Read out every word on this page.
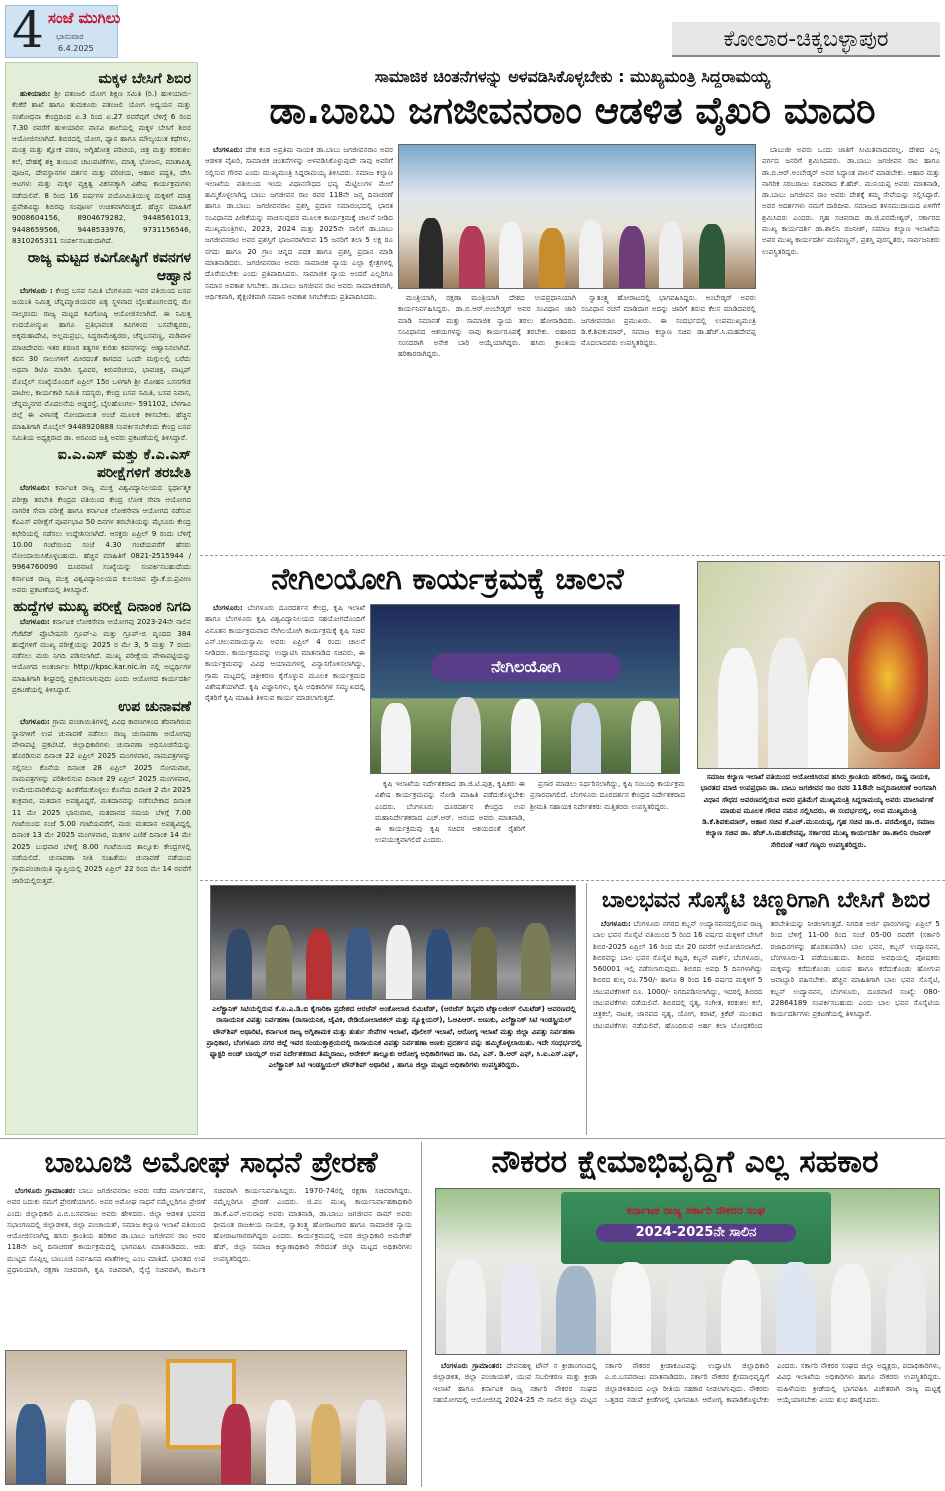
4 ಸಂಜೆ ಮುಗಿಲು
ಭಾನುವಾರ
6.4.2025	ಕೋಲಾರ-ಚಿಕ್ಕಬಳ್ಳಾಪುರ
ಮಕ್ಕಳ ಬೇಸಿಗೆ ಶಿಬಿರ

ಹುಳಿಯಾರು: ಶ್ರೀ ಪತಂಜಲಿ ಯೋಗ ಶಿಕ್ಷಣ ಸಮಿತಿ (ರಿ.) ಹುಳಿಯಾರು-ಕೆಂಕೆರೆ ಶಾಖೆ ಹಾಗೂ ತುಮಕೂರು ಪತಂಜಲಿ ಯೋಗ ಅಧ್ಯಯನ ಮತ್ತು ಸಂಶೋಧನಾ ಕೇಂದ್ರದಿಂದ ಏ.3 ರಿಂದ ಏ.27 ರವರೆವುಗೆ ಬೆಳಿಗ್ಗೆ 6 ರಿಂದ 7.30 ರವರೆಗೆ ಹುಳಿಯಾರಿನ ವಾಸವಿ ಶಾಲೆಯಲ್ಲಿ ಮಕ್ಕಳ ಬೇಸಿಗೆ ಶಿಬಿರ ಆಯೋಜಿಸಲಾಗಿದೆ. ಶಿಬಿರದಲ್ಲಿ ಯೋಗ, ಧ್ಯಾನ ಹಾಗೂ ಮೌಲ್ಯಯುತ ಕಥೆಗಳು, ಮಂತ್ರ ಮತ್ತು ಶ್ಲೋಕ ಪಠಣ, ಅಗ್ನಿಹೋತ್ರ ಪರಿಚಯ, ಚಿತ್ರ ಮತ್ತು ಕರಕುಶಲ ಕಲೆ, ದೇಹಕ್ಕೆ ಶಕ್ತಿ ತುಂಬುವ ಚಟುವಟಿಕೆಗಳು, ಮಾತೃ ಭೋಜನ, ಮಾತಾಪಿತೃ ಪೂಜನ, ದೇವಸ್ಥಾನಗಳ ದರ್ಶನ ಮತ್ತು ಪರಿಚಯ, ಆಹಾರ ಪದ್ಧತಿ, ದೇಸಿ ಆಟಗಳು ಮತ್ತು ಮಕ್ಕಳ ವ್ಯಕ್ತಿತ್ವ ವಿಕಸನಕ್ಕಾಗಿ ವಿಶೇಷ ಕಾರ್ಯಕ್ರಮಗಳು ನಡೆಯಲಿವೆ. 8 ರಿಂದ 16 ವರ್ಷಗಳ ವಯೋಮಿತಿಯುಳ್ಳ ಮಕ್ಕಳಿಗೆ ಮಾತ್ರ ಪ್ರವೇಶವಿದ್ದು ಶಿಬಿರವು ಸಂಪೂರ್ಣ ಉಚಿತವಾಗಿರುತ್ತದೆ. ಹೆಚ್ಚಿನ ಮಾಹಿತಿಗೆ 9008604156, 8904679282, 9448561013, 9448659566, 9448533976, 9731156546, 8310265311 ಸಂಪರ್ಕಿಸಬಹುದಾಗಿದೆ.

ರಾಜ್ಯ ಮಟ್ಟದ ಕವಿಗೋಷ್ಠಿಗೆ ಕವನಗಳ ಆಹ್ವಾನ

ಬೆಂಗಳೂರು : ಕೇಂದ್ರ ಬಸವ ಸಮಿತಿ ಬೆಂಗಳೂರು ಇವರ ವತಿಯಿಂದ ಬಸವ ಜಯಂತಿ ನಿಮಿತ್ತ ಚೆನ್ನಮ್ಮಾಜಿಯವರ ಐಕ್ಯ ಸ್ಥಳವಾದ ಬೈಲಹೊಂಗಲದಲ್ಲಿ ಮೇ ನಾಲ್ಕರಂದು ರಾಜ್ಯ ಮಟ್ಟದ ಕವಿಗೋಷ್ಠಿ ಆಯೋಜಿಸಲಾಗಿದೆ. ಈ ನಿಮಿತ್ತ ಉದಯೋನ್ಮುಖ ಹಾಗೂ ಪ್ರತಿಭಾವಂತ ಕವಿಗಳಿಂದ ಬಸವೇಶ್ವರರು, ಅಕ್ಕಮಹಾದೇವಿ, ಅಲ್ಲಮಪ್ರಭು, ಸಿದ್ಧರಾಮೇಶ್ವರರು, ಚೆನ್ನಬಸವಣ್ಣ, ಮಡಿವಾಳ ಮಾಚಿದೇವರು ಇತರ ಶರಣರ ತತ್ವಗಳ ಕುರಿತು ಕವನಗಳನ್ನು ಆಹ್ವಾನಿಸಲಾಗಿದೆ. ಕವನ 30 ಸಾಲುಗಳಿಗೆ ಮೀರದಂತೆ ಕಾಗದದ ಒಂದೇ ಮಗ್ಗುಲಲ್ಲಿ ಬರೆದು ಅಥವಾ ಡಿಟಿಪಿ ಮಾಡಿಸಿ ಸ್ವವಿವರ, ಕಿರುಪರಿಚಯ, ಭಾವಚಿತ್ರ, ವಾಟ್ಸಪ್ ಮೊಬೈಲ್ ಸಂಖ್ಯೆಯೊಂದಿಗೆ ಏಪ್ರಿಲ್ 15ರ ಒಳಗಾಗಿ ಶ್ರೀ ಮೋಹನ ಬಸನಗೌಡ ಪಾಟೀಲ, ಕಾರ್ಯಕಾರಿ ಸಮಿತಿ ಸದಸ್ಯರು, ಕೇಂದ್ರ ಬಸವ ಸಮಿತಿ, ಬಸವ ನಿವಾಸ, ಚೆನ್ನಮ್ಮನಗರ ಮೊದಲನೆಯ ಅಡ್ಡರಸ್ತೆ, ಬೈಲಹೊಂಗಲ- 591102, ಬೆಳಗಾವಿ ಜಿಲ್ಲೆ ಈ ವಿಳಾಸಕ್ಕೆ ನೋಂದಾಯಿತ ಅಂಚೆ ಮೂಲಕ ಕಳಿಸಬೇಕು. ಹೆಚ್ಚಿನ ಮಾಹಿತಿಗಾಗಿ ಮೊಬೈಲ್ 9448920888 ಸಂಪರ್ಕಿಸಬೇಕೆಂದು ಕೇಂದ್ರ ಬಸವ ಸಮಿತಿಯ ಅಧ್ಯಕ್ಷರಾದ ಡಾ. ಅರವಿಂದ ಜತ್ತಿ ಅವರು ಪ್ರಕಟಣೆಯಲ್ಲಿ ತಿಳಿಸಿದ್ದಾರೆ.

ಐ.ಎ.ಎಸ್ ಮತ್ತು ಕೆ.ಎ.ಎಸ್ ಪರೀಕ್ಷೆಗಳಿಗೆ ತರಬೇತಿ

ಬೆಂಗಳೂರು: ಕರ್ನಾಟಕ ರಾಜ್ಯ ಮುಕ್ತ ವಿಶ್ವವಿದ್ಯಾನಿಲಯದ ಸ್ಪರ್ಧಾತ್ಮಕ ಪರೀಕ್ಷಾ ತರಬೇತಿ ಕೇಂದ್ರದ ವತಿಯಿಂದ ಕೇಂದ್ರ ಲೋಕ ಸೇವಾ ಆಯೋಗದ ನಾಗರಿಕ ಸೇವಾ ಪರೀಕ್ಷೆ ಹಾಗೂ ಕರ್ನಾಟಕ ಲೋಕಸೇವಾ ಆಯೋಗದ ನಡೆಸುವ ಕೆಎಎಸ್ ಪರೀಕ್ಷೆಗೆ ಪೂರ್ವಭಾವಿ 50 ದಿನಗಳ ತರಬೇತಿಯನ್ನು ಮೈಸೂರು ಕೇಂದ್ರ ಕಛೇರಿಯಲ್ಲಿ ನಡೆಸಲು ಉದ್ದೇಶಿಸಲಾಗಿದೆ. ಆಸಕ್ತರು ಏಪ್ರಿಲ್ 9 ರಂದು ಬೆಳಿಗ್ಗೆ 10.00 ಗಂಟೆಯಿಂದ ಸಂಜೆ 4.30 ಗಂಟೆಯವರೆಗೆ ಹೆಸರು ನೋಂದಾಯಿಸಿಕೊಳ್ಳಬಹುದು. ಹೆಚ್ಚಿನ ಮಾಹಿತಿಗೆ 0821-2515944 / 9964760090 ದೂರವಾಣಿ ಸಂಖ್ಯೆಯನ್ನು ಸಂಪರ್ಕಿಸಬಹುದೆಂದು ಕರ್ನಾಟಕ ರಾಜ್ಯ ಮುಕ್ತ ವಿಶ್ವವಿದ್ಯಾನಿಲಯದ ಕುಲಸಚಿವ ಪ್ರೊ.ಕೆ.ಬಿ.ಪ್ರವೀಣ ಅವರು ಪ್ರಕಟಣೆಯಲ್ಲಿ ತಿಳಿಸಿದ್ದಾರೆ.

ಹುದ್ದೆಗಳ ಮುಖ್ಯ ಪರೀಕ್ಷೆ ದಿನಾಂಕ ನಿಗದಿ

ಬೆಂಗಳೂರು: ಕರ್ನಾಟಕ ಲೋಕಸೇವಾ ಆಯೋಗವು 2023-24ನೇ ಸಾಲಿನ ಗೆಜೆಟೆಡ್ ಪ್ರೊಬೇಷನರಿ ಗ್ರೂಪ್-ಎ ಮತ್ತು ಗ್ರೂಪ್-ಬಿ ವೃಂದದ 384 ಹುದ್ದೆಗಳಿಗೆ ಮುಖ್ಯ ಪರೀಕ್ಷೆಯನ್ನು 2025 ರ ಮೇ 3, 5 ಮತ್ತು 7 ರಂದು ನಡೆಸಲು ಮರು ನಿಗದಿ ಪಡಿಸಲಾಗಿದೆ. ಮುಖ್ಯ ಪರೀಕ್ಷೆಯ ವೇಳಾಪಟ್ಟಿಯನ್ನು ಆಯೋಗದ ಅಂತರ್ಜಾಲ http://kpsc.kar.nic.in ನಲ್ಲಿ ಅಭ್ಯರ್ಥಿಗಳ ಮಾಹಿತಿಗಾಗಿ ಶೀಘ್ರದಲ್ಲಿ ಪ್ರಕಟಿಸಲಾಗುವುದು ಎಂದು ಆಯೋಗದ ಕಾರ್ಯದರ್ಶಿ ಪ್ರಕಟಣೆಯಲ್ಲಿ ತಿಳಿಸಿದ್ದಾರೆ.

ಉಪ ಚುನಾವಣೆ

ಬೆಂಗಳೂರು: ಗ್ರಾಮ ಪಂಚಾಯಿತಿಗಳಲ್ಲಿ ವಿವಿಧ ಕಾರಣಗಳಿಂದ ತೆರವಾಗಿರುವ ಸ್ಥಾನಗಳಿಗೆ ಉಪ ಚುನಾವಣೆ ನಡೆಸಲು ರಾಜ್ಯ ಚುನಾವಣಾ ಆಯೋಗವು ವೇಳಾಪಟ್ಟಿ ಪ್ರಕಟಿಸಿದೆ. ಜಿಲ್ಲಾಧಿಕಾರಿಗಳು ಚುನಾವಣಾ ಅಧಿಸೂಚನೆಯನ್ನು ಹೊರಡಿಸುವ ದಿನಾಂಕ 22 ಏಪ್ರಿಲ್ 2025 ಮಂಗಳವಾರ, ನಾಮಪತ್ರಗಳನ್ನು ಸಲ್ಲಿಸಲು ಕೊನೆಯ ದಿನಾಂಕ 28 ಏಪ್ರಿಲ್ 2025 ಸೋಮವಾರ, ನಾಮಪತ್ರಗಳನ್ನು ಪರಿಶೀಲಿಸುವ ದಿನಾಂಕ 29 ಏಪ್ರಿಲ್ 2025 ಮಂಗಳವಾರ, ಉಮೇದುವಾರಿಕೆಯನ್ನು ಹಿಂತೆಗೆದುಕೊಳ್ಳಲು ಕೊನೆಯ ದಿನಾಂಕ 2 ಮೇ 2025 ಶುಕ್ರವಾರ, ಮತದಾನ ಅವಶ್ಯವಿದ್ದರೆ, ಮತದಾನವನ್ನು ನಡೆಸಬೇಕಾದ ದಿನಾಂಕ 11 ಮೇ 2025 ಭಾನುವಾರ, ಮತದಾನದ ಸಮಯ ಬೆಳಿಗ್ಗೆ 7.00 ಗಂಟೆಯಿಂದ ಸಂಜೆ 5.00 ಗಂಟೆಯವರೆಗೆ, ಮರು ಮತದಾನ ಅವಶ್ಯವಿದ್ದಲ್ಲಿ ದಿನಾಂಕ 13 ಮೇ 2025 ಮಂಗಳವಾರ, ಮತಗಳ ಎಣಿಕೆ ದಿನಾಂಕ 14 ಮೇ 2025 ಬುಧವಾರ ಬೆಳಿಗ್ಗೆ 8.00 ಗಂಟೆಯಿಂದ ತಾಲ್ಲೂಕು ಕೇಂದ್ರಗಳಲ್ಲಿ ನಡೆಯಲಿದೆ. ಚುನಾವಣಾ ನೀತಿ ಸಂಹಿತೆಯು ಚುನಾವಣೆ ನಡೆಯುವ ಗ್ರಾಮಪಂಚಾಯಿತಿ ವ್ಯಾಪ್ತಿಯಲ್ಲಿ 2025 ಏಪ್ರಿಲ್ 22 ರಿಂದ ಮೇ 14 ರವರೆಗೆ ಜಾರಿಯಲ್ಲಿರುತ್ತದೆ.

ಸಾಮಾಜಿಕ ಚಿಂತನೆಗಳನ್ನು ಅಳವಡಿಸಿಕೊಳ್ಳಬೇಕು : ಮುಖ್ಯಮಂತ್ರಿ ಸಿದ್ದರಾಮಯ್ಯ
ಡಾ.ಬಾಬು ಜಗಜೀವನರಾಂ ಆಡಳಿತ ವೈಖರಿ ಮಾದರಿ
ಬೆಂಗಳೂರು: ದೇಶ ಕಂಡ ಅಪ್ರತಿಮ ನಾಯಕ ಡಾ.ಬಾಬು ಜಗಜೀವನರಾಂ ಅವರ ಆಡಳಿತ ವೈಖರಿ, ಸಾಮಾಜಿಕ ಚಿಂತನೆಗಳನ್ನು ಅಳವಡಿಸಿಕೊಳ್ಳುವುದೇ ನಾವು ಅವರಿಗೆ ಸಲ್ಲಿಸುವ ಗೌರವ ಎಂದು ಮುಖ್ಯಮಂತ್ರಿ ಸಿದ್ದರಾಮಯ್ಯ ತಿಳಿಸಿದರು. ಸಮಾಜ ಕಲ್ಯಾಣ ಇಲಾಖೆಯ ವತಿಯಿಂದ ಇಂದು ವಿಧಾನಸೌಧದ ಭವ್ಯ ಮೆಟ್ಟಿಲುಗಳ ಮೇಲೆ ಹಮ್ಮಿಕೊಳ್ಳಲಾಗಿದ್ದ ಬಾಬು ಜಗಜೀವನ ರಾಂ ರವರ 118ನೇ ಜನ್ಮ ದಿನಾಚರಣೆ ಹಾಗೂ ಡಾ.ಬಾಬು ಜಗಜೀವನರಾಂ ಪ್ರಶಸ್ತಿ ಪ್ರದಾನ ಸಮಾರಂಭದಲ್ಲಿ ಭಾರತ ಸಂವಿಧಾನದ ಪೀಠಿಕೆಯನ್ನು ವಾಚಿಸುವುದರ ಮೂಲಕ ಕಾರ್ಯಕ್ರಮಕ್ಕೆ ಚಾಲನೆ ನೀಡಿದ ಮುಖ್ಯಮಂತ್ರಿಗಳು, 2023, 2024 ಮತ್ತು 2025ನೇ ಸಾಲಿಗೆ ಡಾ.ಬಾಬು ಜಗಜೀವನರಾಂ ಅವರ ಪ್ರಶಸ್ತಿಗೆ ಭಾಜನರಾಗಿರುವ 15 ಜನರಿಗೆ ತಲಾ 5 ಲಕ್ಷ ರೂ ನಗದು ಹಾಗೂ 20 ಗ್ರಾಂ ಚಿನ್ನದ ಪದಕ ಹಾಗೂ ಪ್ರಶಸ್ತಿ ಪ್ರದಾನ ಮಾಡಿ ಮಾತನಾಡಿದರು. ಜಗಜೀವನರಾಂ ಅವರು ಸಾಮಾಜಿಕ ನ್ಯಾಯ ಎಲ್ಲಾ ಕ್ಷೇತ್ರಗಳಲ್ಲಿ ದೊರೆಯಬೇಕು ಎಂದು ಪ್ರತಿಪಾದಿಸಿದರು. ಸಾಮಾಜಿಕ ನ್ಯಾಯ ಅಂದರೆ ಎಲ್ಲರಿಗೂ ಸಮಾನ ಅವಕಾಶ ಸಿಗಬೇಕು. ಡಾ.ಬಾಬು ಜಗಜೀವನ ರಾಂ ಅವರು ಸಾಮಾಜಿಕವಾಗಿ, ಆರ್ಥಿಕವಾಗಿ, ಶೈಕ್ಷಣಿಕವಾಗಿ ಸಮಾನ ಅವಕಾಶ ಸಿಗಬೇಕೆಂದು ಪ್ರತಿಪಾದಿಸಿದರು.	ಮಂತ್ರಿಯಾಗಿ, ರಕ್ಷಣಾ ಮಂತ್ರಿಯಾಗಿ ದೇಶದ ಉಪಪ್ರಧಾನಿಯಾಗಿ ಕಾರ್ಯನಿರ್ವಹಿಸಿದ್ದರು. ಡಾ.ಬಿ.ಆರ್.ಅಂಬೇಡ್ಕರ್ ಅವರ ಸಂವಿಧಾನ ಜಾರಿ ಮಾಡಿ ಸಮಾನತೆ ಮತ್ತು ಸಾಮಾಜಿಕ ನ್ಯಾಯ ತರಲು ಹೋರಾಡಿದರು. ಸಂವಿಧಾನದ ಆಶಯಗಳನ್ನು ನಾವು ಕಾರ್ಯರೂಪಕ್ಕೆ ತರಬೇಕು. ಬಿಹಾರದ ಸಂಸದರಾಗಿ ಅನೇಕ ಬಾರಿ ಆಯ್ಕೆಯಾಗಿದ್ದರು. ಹಸಿರು ಕ್ರಾಂತಿಯ ಹರಿಕಾರರಾಗಿದ್ದರು.
ಸ್ವಾತಂತ್ರ್ಯ ಹೋರಾಟದಲ್ಲಿ ಭಾಗವಹಿಸಿದ್ದರು. ಅಂಬೇಡ್ಕರ್ ಅವರು ಸಂವಿಧಾನ ರಚನೆ ಮಾಡಿದಾಗ ಅದನ್ನು ಜಾರಿಗೆ ತರುವ ಕೆಲಸ ಮಾಡಿದವರಲ್ಲಿ ಜಗಜೀವನರಾಂ ಪ್ರಮುಖರು. ಈ ಸಂದರ್ಭದಲ್ಲಿ ಉಪಮುಖ್ಯಮಂತ್ರಿ ಡಿ.ಕೆ.ಶಿವಕುಮಾರ್, ಸಮಾಜ ಕಲ್ಯಾಣ ಸಚಿವ ಡಾ.ಹೆಚ್.ಸಿ.ಮಹದೇವಪ್ಪ ಮೊದಲಾದವರು ಉಪಸ್ಥಿತರಿದ್ದರು.
ಬಾಬುಜೀ ಅವರು ಒಂದು ಜಾತಿಗೆ ಸೀಮಿತವಾದವರಲ್ಲ. ದೇಶದ ಎಲ್ಲ ವರ್ಗದ ಜನರಿಗೆ ಶ್ರಮಿಸಿದವರು. ಡಾ.ಬಾಬು ಜಗಜೀವನ ರಾಂ ಹಾಗೂ ಡಾ.ಬಿ.ಆರ್.ಅಂಬೇಡ್ಕರ್ ಅವರ ಸಿದ್ಧಾಂತ ಪಾಲನೆ ಮಾಡಬೇಕು. ಆಹಾರ ಮತ್ತು ನಾಗರಿಕ ಸರಬರಾಜು ಸಚಿವರಾದ ಕೆ.ಹೆಚ್. ಮುನಿಯಪ್ಪ ಅವರು ಮಾತನಾಡಿ, ಡಾ.ಬಾಬು ಜಗಜೀವನ ರಾಂ ಅವರು ದೇಶಕ್ಕೆ ತಮ್ಮ ಸೇವೆಯನ್ನು ಸಲ್ಲಿಸಿದ್ದಾರೆ. ಅವರ ಆದರ್ಶಗಳು ನಮಗೆ ದಾರಿದೀಪ. ಸಮಾಜದ ತಳಸಮುದಾಯದ ಏಳಿಗೆಗೆ ಶ್ರಮಿಸಿದರು ಎಂದರು. ಗೃಹ ಸಚಿವರಾದ ಡಾ.ಜಿ.ಪರಮೇಶ್ವರ್, ಸರ್ಕಾರದ ಮುಖ್ಯ ಕಾರ್ಯದರ್ಶಿ ಡಾ.ಶಾಲಿನಿ ರಜನೀಶ್, ಸಮಾಜ ಕಲ್ಯಾಣ ಇಲಾಖೆಯ ಅಪರ ಮುಖ್ಯ ಕಾರ್ಯದರ್ಶಿ ಮಣಿವಣ್ಣನ್, ಪ್ರಶಸ್ತಿ ಪುರಸ್ಕೃತರು, ಸಾರ್ವಜನಿಕರು ಉಪಸ್ಥಿತರಿದ್ದರು.
ನೇಗಿಲಯೋಗಿ ಕಾರ್ಯಕ್ರಮಕ್ಕೆ ಚಾಲನೆ
ಬೆಂಗಳೂರು: ಬೆಂಗಳೂರು ದೂರದರ್ಶನ ಕೇಂದ್ರ, ಕೃಷಿ ಇಲಾಖೆ ಹಾಗೂ ಬೆಂಗಳೂರು ಕೃಷಿ ವಿಶ್ವವಿದ್ಯಾನಿಲಯದ ಸಹಯೋಗದೊಂದಿಗೆ ವಿನೂತನ ಕಾರ್ಯಕ್ರಮವಾದ ನೇಗಿಲಯೋಗಿ ಕಾರ್ಯಕ್ರಮಕ್ಕೆ ಕೃಷಿ ಸಚಿವ ಎನ್.ಚಲುವರಾಯಸ್ವಾಮಿ ಅವರು ಏಪ್ರಿಲ್ 4 ರಂದು ಚಾಲನೆ ನೀಡಿದರು. ಕಾರ್ಯಕ್ರಮವನ್ನು ಉದ್ಘಾಟಿಸಿ ಮಾತನಾಡಿದ ಸಚಿವರು, ಈ ಕಾರ್ಯಕ್ರಮವನ್ನು ವಿವಿಧ ಆಯಾಮಗಳಲ್ಲಿ ವಿನ್ಯಾಸಗೊಳಿಸಲಾಗಿದ್ದು, ಗ್ರಾಮ ಮಟ್ಟದಲ್ಲಿ ಚಿತ್ರೀಕರಣ ಕೈಗೊಳ್ಳುವ ಮೂಲಕ ಕಾರ್ಯಕ್ರಮದ ವಿಶೇಷತೆಯಾಗಿದೆ. ಕೃಷಿ ವಿಜ್ಞಾನಿಗಳು, ಕೃಷಿ ಅಧಿಕಾರಿಗಳ ಸಮ್ಮುಖದಲ್ಲಿ ರೈತರಿಗೆ ಕೃಷಿ ಮಾಹಿತಿ ತಿಳಿಸುವ ಕಾರ್ಯ ಮಾಡಲಾಗುತ್ತದೆ.
ನೇಗಿಲಯೋಗಿ
ಕೃಷಿ ಇಲಾಖೆಯ ನಿರ್ದೇಶಕರಾದ ಡಾ.ಜಿ.ಟಿ.ಪುತ್ರ, ಕೃಷಿಕರು ಈ ವಿಶೇಷ ಕಾರ್ಯಕ್ರಮವನ್ನು ನೋಡಿ ಮಾಹಿತಿ ಪಡೆದುಕೊಳ್ಳಬೇಕು ಎಂದರು. ಬೆಂಗಳೂರು ದೂರದರ್ಶನ ಕೇಂದ್ರದ ಉಪ ಮಹಾನಿರ್ದೇಶಕರಾದ ಎಚ್.ಆರ್. ಆನಂದ ಅವರು ಮಾತನಾಡಿ, ಈ ಕಾರ್ಯಕ್ರಮವು ಕೃಷಿ ಸಚಿವರ ಆಶಯದಂತೆ ರೈತರಿಗೆ ಉಪಯುಕ್ತವಾಗಲಿದೆ ಎಂದರು.
ಪ್ರಸಾರ ಮಾಡಲು ನಿರ್ಧರಿಸಲಾಗಿದ್ದು, ಕೃಷಿ ಸಂಬಂಧಿ ಕಾರ್ಯಕ್ರಮ ಪ್ರಸಾರವಾಗಲಿದೆ. ಬೆಂಗಳೂರು ದೂರದರ್ಶನ ಕೇಂದ್ರದ ನಿರ್ದೇಶಕರಾದ ಶ್ರೀಮತಿ ಸಹಾಯಕ ನಿರ್ದೇಶಕರು ಮತ್ತಿತರರು ಉಪಸ್ಥಿತರಿದ್ದರು.
ಸಮಾಜ ಕಲ್ಯಾಣ ಇಲಾಖೆ ವತಿಯಿಂದ ಆಯೋಜಿಸಿರುವ ಹಸಿರು ಕ್ರಾಂತಿಯ ಹರಿಕಾರ, ರಾಷ್ಟ್ರ ನಾಯಕ, ಭಾರತದ ಮಾಜಿ ಉಪಪ್ರಧಾನಿ ಡಾ. ಬಾಬು ಜಗಜೀವನ ರಾಂ ರವರ 118ನೇ ಜನ್ಮದಿನಾಚರಣೆ ಅಂಗವಾಗಿ ವಿಧಾನ ಸೌಧದ ಆವರಣದಲ್ಲಿರುವ ಅವರ ಪ್ರತಿಮೆಗೆ ಮುಖ್ಯಮಂತ್ರಿ ಸಿದ್ದರಾಮಯ್ಯ ಅವರು ಮಾಲಾರ್ಪಣೆ ಮಾಡುವ ಮೂಲಕ ಗೌರವ ನಮನ ಸಲ್ಲಿಸಿದರು. ಈ ಸಂದರ್ಭದಲ್ಲಿ, ಉಪ ಮುಖ್ಯಮಂತ್ರಿ ಡಿ.ಕೆ.ಶಿವಕುಮಾರ್, ಆಹಾರ ಸಚಿವ ಕೆ.ಎಚ್.ಮುನಿಯಪ್ಪ, ಗೃಹ ಸಚಿವ ಡಾ.ಜಿ. ಪರಮೇಶ್ವರ, ಸಮಾಜ ಕಲ್ಯಾಣ ಸಚಿವ ಡಾ. ಹೆಚ್.ಸಿ.ಮಹದೇವಪ್ಪ, ಸರ್ಕಾರದ ಮುಖ್ಯ ಕಾರ್ಯದರ್ಶಿ ಡಾ.ಶಾಲಿನಿ ರಜನೀಶ್ ಸೇರಿದಂತೆ ಇತರೆ ಗಣ್ಯರು ಉಪಸ್ಥಿತರಿದ್ದರು.
ಎಲೆಕ್ಟ್ರಾನಿಕ್ ಸಿಟಿಯಲ್ಲಿರುವ ಕೆ.ಐ.ಎ.ಡಿ.ಬಿ ಕೈಗಾರಿಕಾ ಪ್ರದೇಶದ ಆರಜೆನ್ ಅಂಕೋಲಾಜಿ ಲಿಮಿಟೆಡ್, (ಆರಜೆನ್ ಡಿಸ್ಕವರಿ ಟೆಕ್ನಾಲಜೀಸ್ ಲಿಮಿಟೆಡ್) ಆವರಣದಲ್ಲಿ ರಾಸಾಯನಿಕ ವಿಪತ್ತು ನಿರ್ವಹಣಾ (ರಾಸಾಯನಿಕ, ಜೈವಿಕ, ರೇಡಿಯೋಲಾಜಿಕಲ್ ಮತ್ತು ನ್ಯೂಕ್ಲಿಯರ್), ಓಆಪಿಆರ್. ಅಣುಕು, ಎಲೆಕ್ಟ್ರಾನಿಕ್ ಸಿಟಿ ಇಂಡಸ್ಟ್ರಿಯಲ್ ಟೌನ್‌ಶಿಪ್ ಅಥಾರಿಟಿ, ಕರ್ನಾಟಕ ರಾಜ್ಯ ಅಗ್ನಿಶಾಮಕ ಮತ್ತು ತುರ್ತು ಸೇವೆಗಳ ಇಲಾಖೆ, ಪೊಲೀಸ್ ಇಲಾಖೆ, ಆರೋಗ್ಯ ಇಲಾಖೆ ಮತ್ತು ಜಿಲ್ಲಾ ವಿಪತ್ತು ನಿರ್ವಹಣಾ ಪ್ರಾಧಿಕಾರ, ಬೆಂಗಳೂರು ನಗರ ಜಿಲ್ಲೆ ಇವರ ಸಂಯುಕ್ತಾಶ್ರಯದಲ್ಲಿ ರಾಸಾಯನಿಕ ವಿಪತ್ತು ನಿರ್ವಹಣಾ ಅಣಕು ಪ್ರದರ್ಶನ ವನ್ನು ಹಮ್ಮಿಕೊಳ್ಳಲಾಯಿತು. ಇದೇ ಸಂಧರ್ಭದಲ್ಲಿ ಫ್ಯಾಕ್ಟರಿ ಅಂಡ್ ಬಾಯ್ಲರ್ ಉಪ ನಿರ್ದೇಶಕರಾದ ತಿಮ್ಮರಾಜು, ಆನೇಕಲ್ ತಾಲ್ಲೂಕು ಆರೋಗ್ಯ ಅಧಿಕಾರಿಗಳಾದ ಡಾ. ರವಿ, ಎನ್. ಡಿ.ಆರ್ ಎಫ್, ಸಿ.ಐ.ಎಸ್.ಎಫ್, ಎಲೆಕ್ಟ್ರಾನಿಕ್ ಸಿಟಿ ಇಂಡಸ್ಟ್ರಿಯಲ್ ಟೌನ್‌ಶಿಪ್ ಅಥಾರಿಟಿ , ಹಾಗೂ ಜಿಲ್ಲಾ ಮಟ್ಟದ ಅಧಿಕಾರಿಗಳು ಉಪಸ್ಥಿತರಿದ್ದರು.
ಬಾಲಭವನ ಸೊಸೈಟಿ ಚಿಣ್ಣರಿಗಾಗಿ ಬೇಸಿಗೆ ಶಿಬಿರ
ಬೆಂಗಳೂರು: ಬೆಂಗಳೂರು ನಗರದ ಕಬ್ಬನ್ ಉದ್ಯಾನವನದಲ್ಲಿರುವ ರಾಜ್ಯ ಬಾಲ ಭವನ ಸೊಸೈಟಿ ವತಿಯಿಂದ 5 ರಿಂದ 16 ವರ್ಷದ ಮಕ್ಕಳಿಗೆ ಬೇಸಿಗೆ ಶಿಬಿರ-2025 ಏಪ್ರಿಲ್ 16 ರಿಂದ ಮೇ 20 ರವರೆಗೆ ಆಯೋಜಿಸಲಾಗಿದೆ. ಶಿಬಿರವನ್ನು ಬಾಲ ಭವನ ಸೊಸೈಟಿ ಕಟ್ಟಡ, ಕಬ್ಬನ್ ಪಾರ್ಕ್, ಬೆಂಗಳೂರು, 560001 ಇಲ್ಲಿ ನಡೆಸಲಾಗುವುದು. ಶಿಬಿರದ ಅವಧಿ 5 ದಿನಗಳಾಗಿದ್ದು ಶಿಬಿರದ ಶುಲ್ಕ ರೂ.750/- ಹಾಗೂ 8 ರಿಂದ 16 ವರ್ಷದ ಮಕ್ಕಳಿಗೆ 5 ಚಟುವಟಿಕೆಗಳಿಗೆ ರೂ. 1000/- ನಿಗದಿಪಡಿಸಲಾಗಿದ್ದು, ಇದರಲ್ಲಿ ಶಿಬಿರದ ಚಟುವಟಿಕೆಗಳು ನಡೆಯಲಿವೆ. ಶಿಬಿರದಲ್ಲಿ ನೃತ್ಯ, ಸಂಗೀತ, ಕರಕುಶಲ ಕಲೆ, ಚಿತ್ರಕಲೆ, ನಾಟಕ, ಜಾನಪದ ನೃತ್ಯ, ಯೋಗ, ಕರಾಟೆ, ಕ್ರಿಕೆಟ್ ಮುಂತಾದ ಚಟುವಟಿಕೆಗಳು ನಡೆಯಲಿವೆ. ಹೊಂದಿರುವ ಅರ್ಹ ಕಲಾ ಬೋಧಕರಿಂದ ತರಬೇತಿಯನ್ನು ನೀಡಲಾಗುತ್ತದೆ. ನಿಗದಿತ ಅರ್ಜಿ ಫಾರಂಗಳನ್ನು ಏಪ್ರಿಲ್ 5 ರಿಂದ ಬೆಳಿಗ್ಗೆ 11-00 ರಿಂದ ಸಂಜೆ 05-00 ರವರೆಗೆ (ಸರ್ಕಾರಿ ರಜಾದಿನಗಳನ್ನು ಹೊರತುಪಡಿಸಿ) ಬಾಲ ಭವನ, ಕಬ್ಬನ್ ಉದ್ಯಾನವನ, ಬೆಂಗಳೂರು-1 ಪಡೆಯಬಹುದು. ಶಿಬಿರದ ಅವಧಿಯಲ್ಲಿ ಪೋಷಕರು ಮಕ್ಕಳನ್ನು ಕರೆದುಕೊಂಡು ಬರುವ ಹಾಗೂ ಕರೆದುಕೊಂಡು ಹೋಗುವ ಜವಾಬ್ದಾರಿ ವಹಿಸಬೇಕು. ಹೆಚ್ಚಿನ ಮಾಹಿತಿಗಾಗಿ ಬಾಲ ಭವನ ಸೊಸೈಟಿ, ಕಬ್ಬನ್ ಉದ್ಯಾನವನ, ಬೆಂಗಳೂರು, ದೂರವಾಣಿ ಸಂಖ್ಯೆ: 080-22864189 ಸಂಪರ್ಕಿಸಬಹುದು ಎಂದು ಬಾಲ ಭವನ ಸೊಸೈಟಿಯ ಕಾರ್ಯದರ್ಶಿಗಳು ಪ್ರಕಟಣೆಯಲ್ಲಿ ತಿಳಿಸಿದ್ದಾರೆ.
ಬಾಬೂಜಿ ಅಮೋಘ ಸಾಧನೆ ಪ್ರೇರಣೆ
ಬೆಂಗಳೂರು ಗ್ರಾಮಾಂತರ: ಬಾಬು ಜಗಜೀವನರಾಂ ಅವರು ನಡೆದ ಮಾರ್ಗದರ್ಶನ, ಅವರ ಬದುಕು ನಮಗೆ ಪ್ರೇರಣೆಯಾಗಲಿ. ಅವರ ಅಮೋಘ ಸಾಧನೆ ನಮ್ಮೆಲ್ಲರಿಗೂ ಪ್ರೇರಣೆ ಎಂದು ಜಿಲ್ಲಾಧಿಕಾರಿ ಎ.ಬಿ.ಬಸವರಾಜು ಅವರು ಹೇಳಿದರು. ಜಿಲ್ಲಾ ಆಡಳಿತ ಭವನದ ಸಭಾಂಗಣದಲ್ಲಿ ಜಿಲ್ಲಾಡಳಿತ, ಜಿಲ್ಲಾ ಪಂಚಾಯತ್, ಸಮಾಜ ಕಲ್ಯಾಣ ಇಲಾಖೆ ವತಿಯಿಂದ ಆಯೋಜಿಸಲಾಗಿದ್ದ ಹಸಿರು ಕ್ರಾಂತಿಯ ಹರಿಕಾರ ಡಾ.ಬಾಬು ಜಗಜೀವನ ರಾಂ ಅವರ 118ನೇ ಜನ್ಮ ದಿನಾಚರಣೆ ಕಾರ್ಯಕ್ರಮದಲ್ಲಿ ಭಾಗವಹಿಸಿ ಮಾತನಾಡಿದರು. ಆಡು ಮುಟ್ಟದ ಸೊಪ್ಪಿಲ್ಲ ಬಾಬೂಜಿ ನಿರ್ವಹಿಸದ ಖಾತೆಗಳಿಲ್ಲ ಎಂಬ ಮಾತಿದೆ. ಭಾರತದ ಉಪ ಪ್ರಧಾನಿಯಾಗಿ, ರಕ್ಷಣಾ ಸಚಿವರಾಗಿ, ಕೃಷಿ ಸಚಿವರಾಗಿ, ರೈಲ್ವೆ ಸಚಿವರಾಗಿ, ಕಾರ್ಮಿಕ ಸಚಿವರಾಗಿ ಕಾರ್ಯನಿರ್ವಹಿಸಿದ್ದರು. 1970-74ರಲ್ಲಿ ರಕ್ಷಣಾ ಸಚಿವರಾಗಿದ್ದರು. ನಮ್ಮೆಲ್ಲರಿಗೂ ಪ್ರೇರಣೆ ಎಂದರು. ಜಿ.ಪಂ ಮುಖ್ಯ ಕಾರ್ಯನಿರ್ವಾಹಕಾಧಿಕಾರಿ ಡಾ.ಕೆ.ಎನ್.ಅನುರಾಧ ಅವರು ಮಾತನಾಡಿ, ಡಾ.ಬಾಬು ಜಗಜೀವನ ರಾಮ್ ಅವರು ಧೀಮಂತ ರಾಜಕೀಯ ನಾಯಕ, ಸ್ವಾತಂತ್ರ್ಯ ಹೋರಾಟಗಾರ ಹಾಗೂ ಸಾಮಾಜಿಕ ನ್ಯಾಯ ಹೋರಾಟಗಾರರಾಗಿದ್ದರು ಎಂದರು. ಕಾರ್ಯಕ್ರಮದಲ್ಲಿ ಅಪರ ಜಿಲ್ಲಾಧಿಕಾರಿ ಅಮರೇಶ್ ಹೆಚ್, ಜಿಲ್ಲಾ ಸಮಾಜ ಕಲ್ಯಾಣಾಧಿಕಾರಿ ಸೇರಿದಂತೆ ಜಿಲ್ಲಾ ಮಟ್ಟದ ಅಧಿಕಾರಿಗಳು ಉಪಸ್ಥಿತರಿದ್ದರು.
ನೌಕರರ ಕ್ಷೇಮಾಭಿವೃದ್ಧಿಗೆ ಎಲ್ಲ ಸಹಕಾರ
ಕರ್ನಾಟಕ ರಾಜ್ಯ ಸರ್ಕಾರಿ ನೌಕರರ ಸಂಘ
2024-2025ನೇ ಸಾಲಿನ
ಬೆಂಗಳೂರು ಗ್ರಾಮಾಂತರ: ದೇವನಹಳ್ಳಿ ಟೌನ್ ನ ಕ್ರೀಡಾಂಗಣದಲ್ಲಿ ಜಿಲ್ಲಾಡಳಿತ, ಜಿಲ್ಲಾ ಪಂಚಾಯತ್, ಯುವ ಸಬಲೀಕರಣ ಮತ್ತು ಕ್ರೀಡಾ ಇಲಾಖೆ ಹಾಗೂ ಕರ್ನಾಟಕ ರಾಜ್ಯ ಸರ್ಕಾರಿ ನೌಕರರ ಸಂಘದ ಸಹಯೋಗದಲ್ಲಿ ಆಯೋಜಿಸಿದ್ದ 2024-25 ನೇ ಸಾಲಿನ ಜಿಲ್ಲಾ ಮಟ್ಟದ ಸರ್ಕಾರಿ ನೌಕರರ ಕ್ರೀಡಾಕೂಟವನ್ನು ಉದ್ಘಾಟಿಸಿ ಜಿಲ್ಲಾಧಿಕಾರಿ ಎ.ಬಿ.ಬಸವರಾಜು ಮಾತನಾಡಿದರು. ಸರ್ಕಾರಿ ನೌಕರರ ಕ್ಷೇಮಾಭಿವೃದ್ಧಿಗೆ ಜಿಲ್ಲಾಡಳಿತದಿಂದ ಎಲ್ಲಾ ರೀತಿಯ ಸಹಕಾರ ನೀಡಲಾಗುವುದು. ನೌಕರರು ಒತ್ತಡದ ನಡುವೆ ಕ್ರೀಡೆಗಳಲ್ಲಿ ಭಾಗವಹಿಸಿ ಆರೋಗ್ಯ ಕಾಪಾಡಿಕೊಳ್ಳಬೇಕು ಎಂದರು. ಸರ್ಕಾರಿ ನೌಕರರ ಸಂಘದ ಜಿಲ್ಲಾ ಅಧ್ಯಕ್ಷರು, ಪದಾಧಿಕಾರಿಗಳು, ವಿವಿಧ ಇಲಾಖೆಯ ಅಧಿಕಾರಿಗಳು ಹಾಗೂ ನೌಕರರು ಉಪಸ್ಥಿತರಿದ್ದರು. ಮಹಿಳೆಯರು ಕ್ರೀಡೆಯಲ್ಲಿ ಭಾಗವಹಿಸಿ ವಿಜೇತರಾಗಿ ರಾಜ್ಯ ಮಟ್ಟಕ್ಕೆ ಆಯ್ಕೆಯಾಗಬೇಕು ಎಂದು ಶುಭ ಹಾರೈಸಿದರು.
